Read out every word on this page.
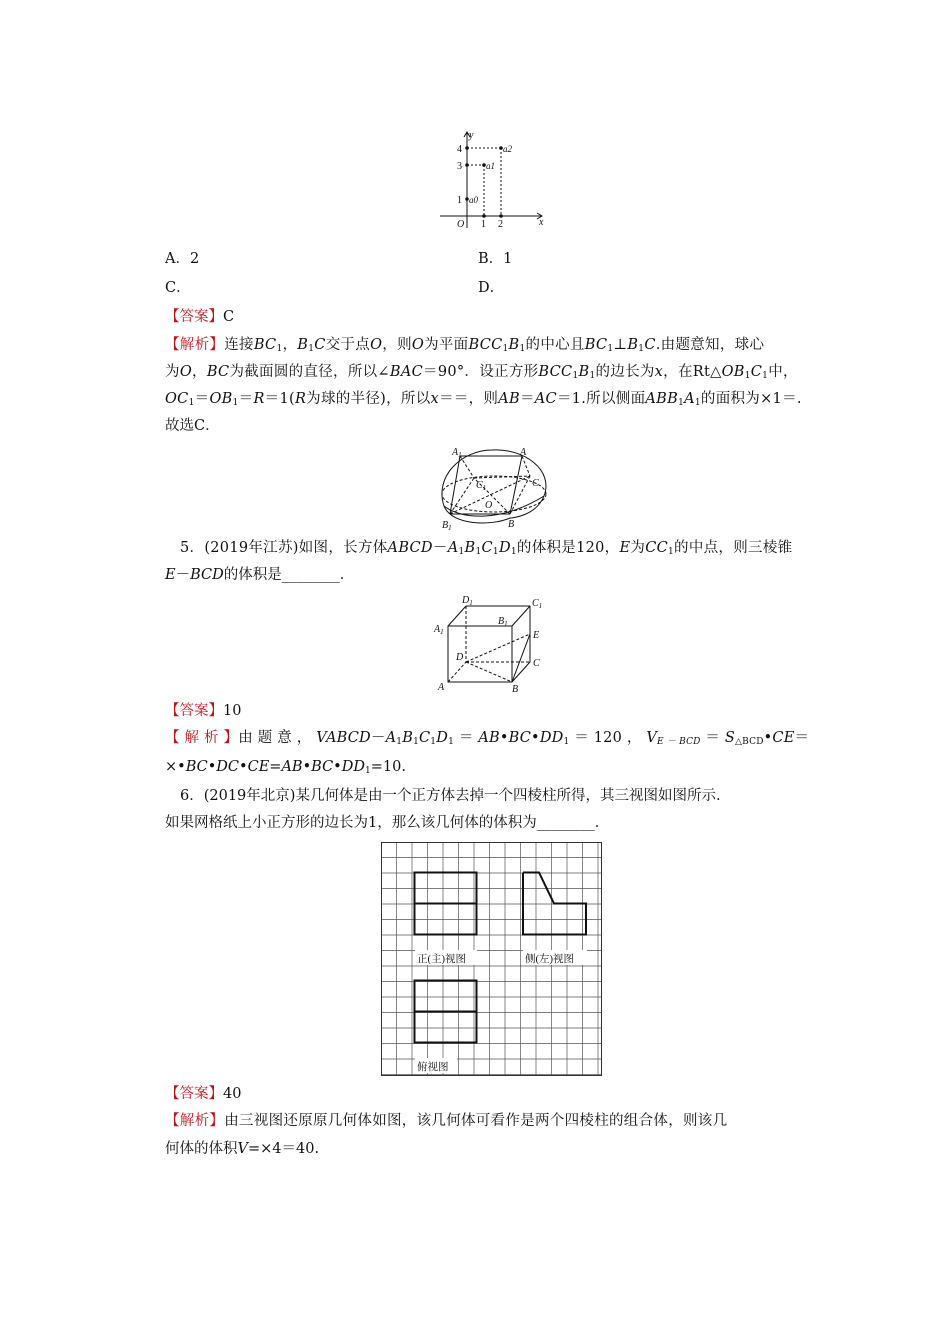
y
x
O
4
3
1
1 2
a2
a1
a0
A．2	B．1
C．	D．
【答案】C
【解析】连接$BC_1$，$B_1C$交于点O，则O为平面$BCC_1B_1$的中心且$BC_1\perp B_1C$.由题意知，球心
为O，BC为截面圆的直径，所以∠BAC＝90°．设正方形$BCC_1B_1$的边长为x，在$Rt\triangle OB_1C_1$中，
$OC_1=OB_1=R=1(R$为球的半径)，所以x＝＝，则AB＝AC＝1.所以侧面$ABB_1A_1$的面积为×1＝.
故选C．
$A_1$	A
$C_1$	C
O
$B_1$	B
5．(2019年江苏)如图，长方体$ABCD-A_1B_1C_1D_1$的体积是120，E为$CC_1$的中点，则三棱锥
E－BCD的体积是________．
$D_1$	$C_1$
$A_1$
$B_1$
E
D
C
A	B
【答案】10
【 解 析 】由 题 意 ， $VABCD-A_1B_1C_1D_1$ ＝ $AB•BC•DD_1 = 120$ ， $V_{E - BCD}$ ＝ $S_{\triangle BCD}•CE=$
$\times•BC•DC•CE=AB•BC•DD_1=10$.
6．(2019年北京)某几何体是由一个正方体去掉一个四棱柱所得，其三视图如图所示.
如果网格纸上小正方形的边长为1，那么该几何体的体积为________．
正(主)视图	侧(左)视图
俯视图
【答案】40
【解析】由三视图还原原几何体如图，该几何体可看作是两个四棱柱的组合体，则该几
何体的体积V=×4＝40.
